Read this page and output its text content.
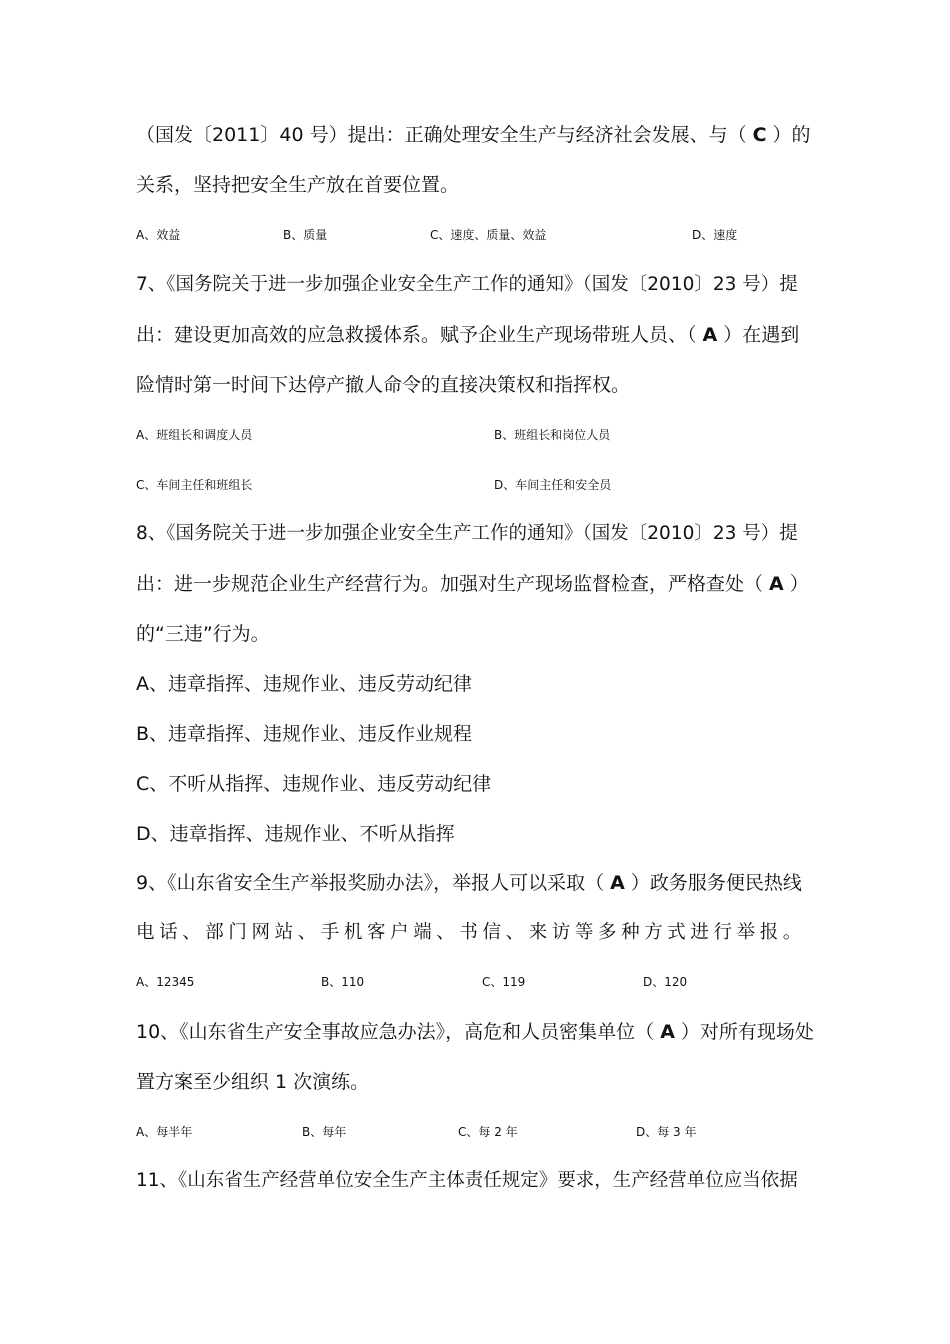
（国发〔2011〕40 号）提出：正确处理安全生产与经济社会发展、与（ C ）的
关系，坚持把安全生产放在首要位置。
A、效益	B、质量	C、速度、质量、效益	D、速度
7、《国务院关于进一步加强企业安全生产工作的通知》（国发〔2010〕23 号）提
出：建设更加高效的应急救援体系。赋予企业生产现场带班人员、（ A ）在遇到
险情时第一时间下达停产撤人命令的直接决策权和指挥权。
A、班组长和调度人员	B、班组长和岗位人员
C、车间主任和班组长	D、车间主任和安全员
8、《国务院关于进一步加强企业安全生产工作的通知》（国发〔2010〕23 号）提
出：进一步规范企业生产经营行为。加强对生产现场监督检查，严格查处（ A ）
的“三违”行为。
A、违章指挥、违规作业、违反劳动纪律
B、违章指挥、违规作业、违反作业规程
C、不听从指挥、违规作业、违反劳动纪律
D、违章指挥、违规作业、不听从指挥
9、《山东省安全生产举报奖励办法》，举报人可以采取（ A ）政务服务便民热线
电话、部门网站、手机客户端、书信、来访等多种方式进行举报。
A、12345	B、110	C、119	D、120
10、《山东省生产安全事故应急办法》，高危和人员密集单位（ A ）对所有现场处
置方案至少组织 1 次演练。
A、每半年	B、每年	C、每 2 年	D、每 3 年
11、《山东省生产经营单位安全生产主体责任规定》要求，生产经营单位应当依据
